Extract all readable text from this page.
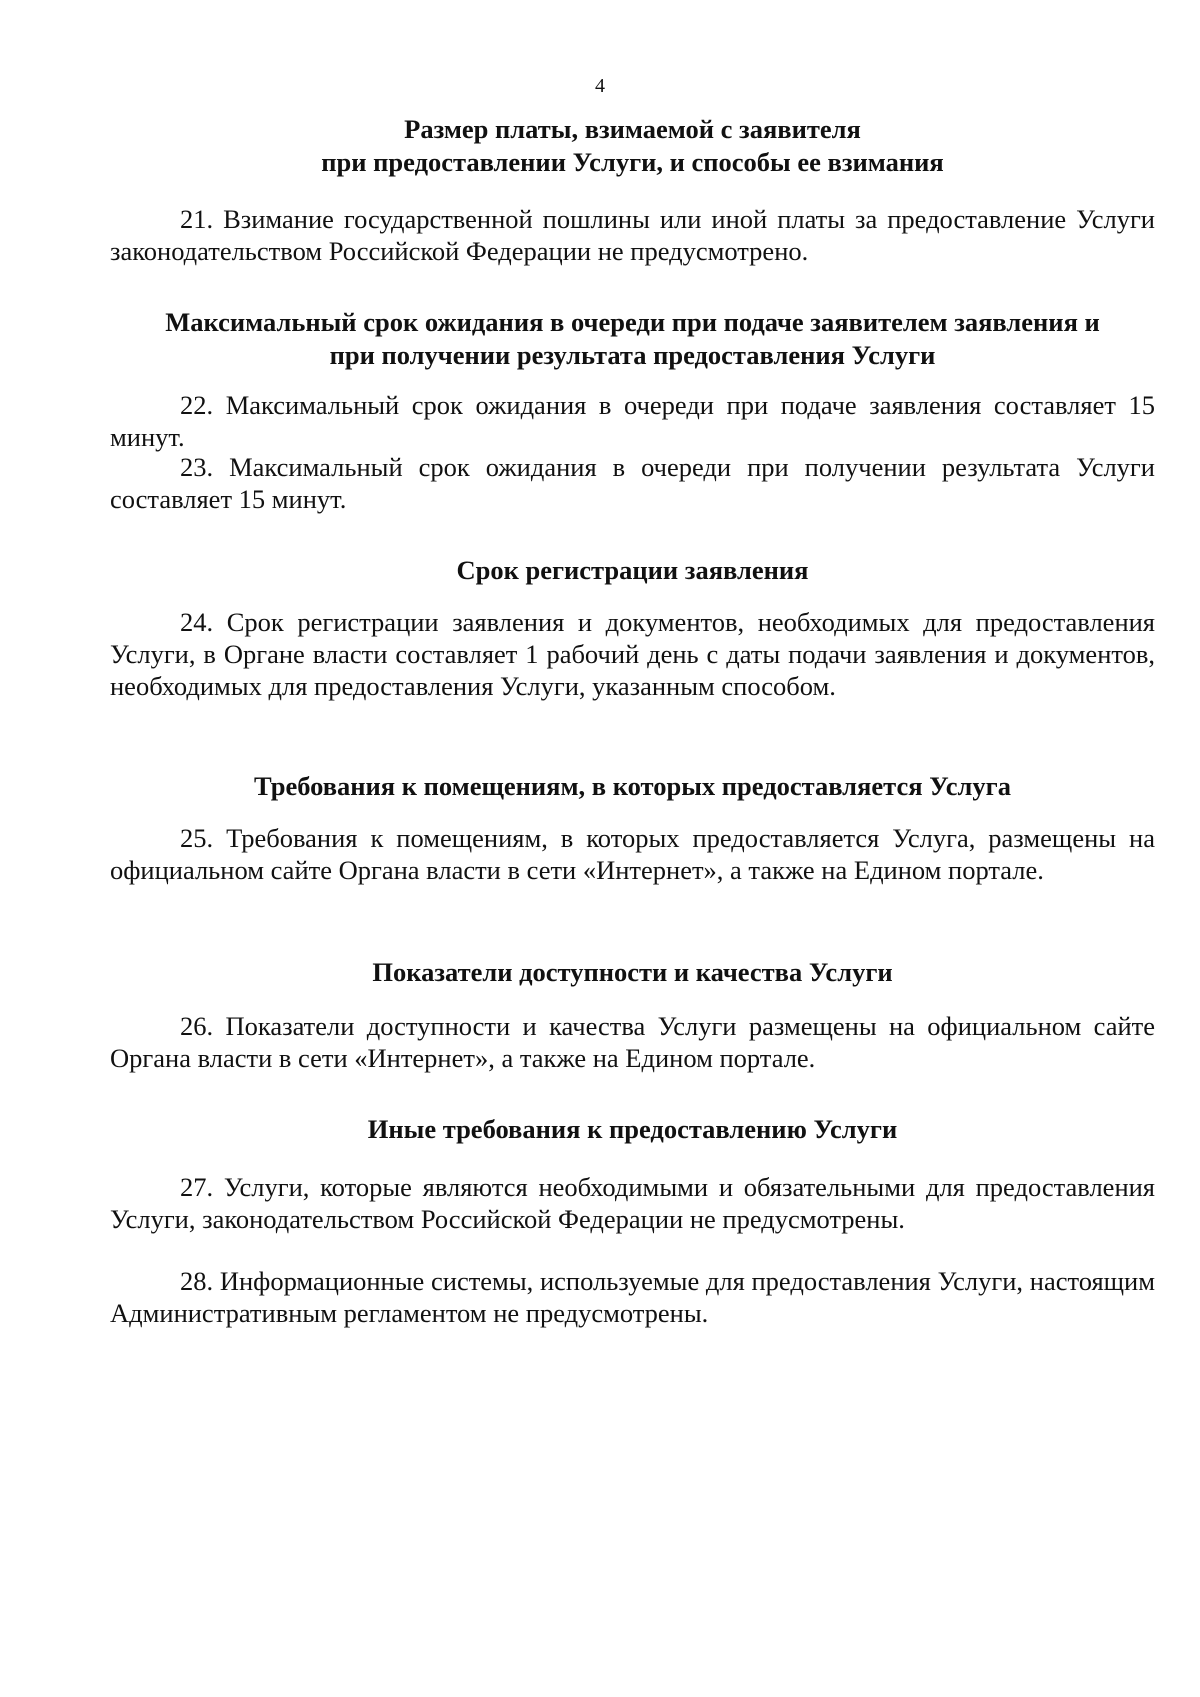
4
Размер платы, взимаемой с заявителя
при предоставлении Услуги, и способы ее взимания

21. Взимание государственной пошлины или иной платы за предоставление Услуги законодательством Российской Федерации не предусмотрено.

Максимальный срок ожидания в очереди при подаче заявителем заявления и
при получении результата предоставления Услуги

22. Максимальный срок ожидания в очереди при подаче заявления составляет 15 минут.

23. Максимальный срок ожидания в очереди при получении результата Услуги составляет 15 минут.

Срок регистрации заявления

24. Срок регистрации заявления и документов, необходимых для предоставления Услуги, в Органе власти составляет 1 рабочий день с даты подачи заявления и документов, необходимых для предоставления Услуги, указанным способом.

Требования к помещениям, в которых предоставляется Услуга

25. Требования к помещениям, в которых предоставляется Услуга, размещены на официальном сайте Органа власти в сети «Интернет», а также на Едином портале.

Показатели доступности и качества Услуги

26. Показатели доступности и качества Услуги размещены на официальном сайте Органа власти в сети «Интернет», а также на Едином портале.

Иные требования к предоставлению Услуги

27. Услуги, которые являются необходимыми и обязательными для предоставления Услуги, законодательством Российской Федерации не предусмотрены.

28. Информационные системы, используемые для предоставления Услуги, настоящим Административным регламентом не предусмотрены.
